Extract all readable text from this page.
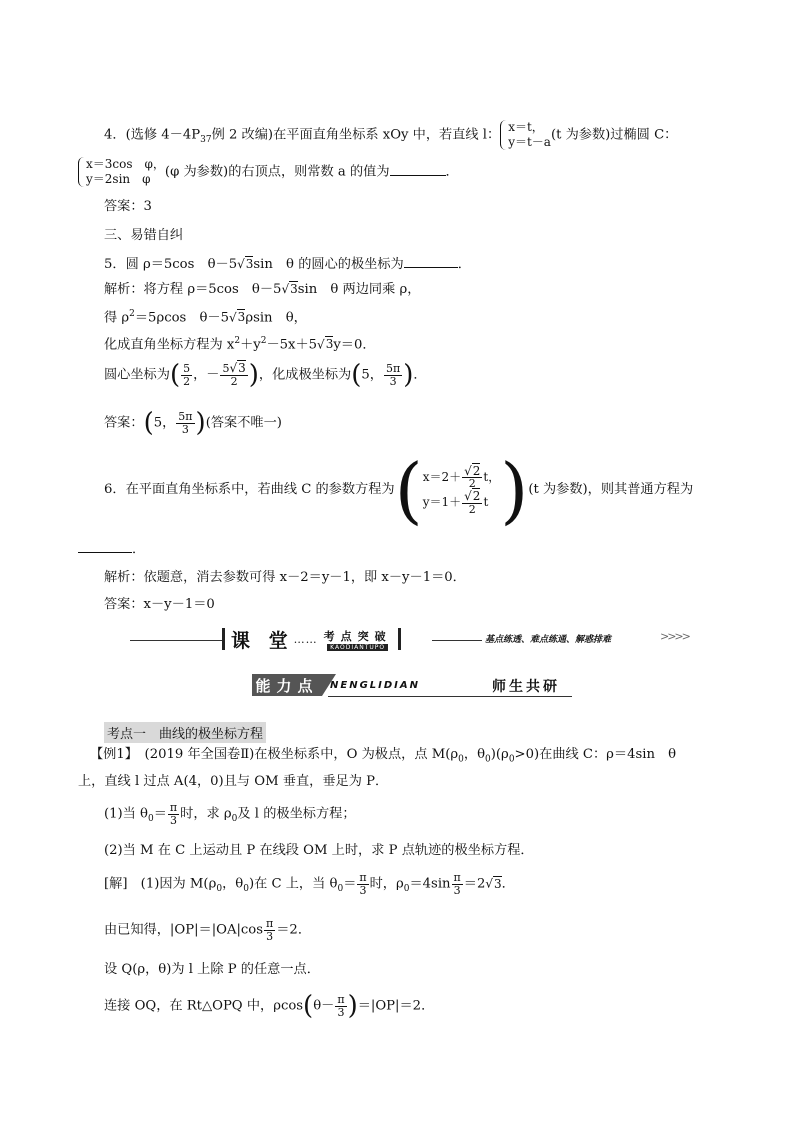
4．(选修 $4-4P_{37}$例 2 改编)在平面直角坐标系 xOy 中，若直线 l：
x＝t，
y＝t－a (t 为参数)过椭圆 C：
x＝3cos　φ，
y＝2sin　φ	(φ 为参数)的右顶点，则常数 a 的值为	．
答案：3
三、易错自纠
5．圆 ρ＝5cos　θ－5√3sin　θ 的圆心的极坐标为	．
解析：将方程 ρ＝5cos　θ－5√3sin　θ 两边同乘 ρ，
得 $\rho^2=5\rho\cos$　θ－5√3ρsin　θ，
化成直角坐标方程为 $x^2+y^2-5x+5√3y=0$．
圆心坐标为( $\frac{5}{2}$ ，－ $\frac{5√3}{2}$ )，化成极坐标为(5， $\frac{5\pi}{3}$ )．
答案：(5， $\frac{5\pi}{3}$ )(答案不唯一)
6．在平面直角坐标系中，若曲线 C 的参数方程为 ( $x=2+ \frac{√2}{2}$ t，
$y=1+ \frac{√2}{2}$ t ) (t 为参数)，则其普通方程为
．
解析：依题意，消去参数可得 x－2＝y－1，即 x－y－1＝0．
答案：x－y－1＝0
课 堂 …… 考点突破
KAODIANTUPO
基点练透、难点练通、解惑排难	>>>>
能力点	NENGLIDIAN	师生共研
考点一　曲线的极坐标方程
【例1】　(2019 年全国卷Ⅱ)在极坐标系中，O 为极点，点 $M(\rho_0$，$\theta_0)(\rho_0>0)$在曲线 C：ρ＝4sin　θ
上，直线 l 过点 A(4，0)且与 OM 垂直，垂足为 P．
(1)当 $\theta_0= \frac{\pi}{3}$ 时，求 $\rho_0$及 l 的极坐标方程；
(2)当 M 在 C 上运动且 P 在线段 OM 上时，求 P 点轨迹的极坐标方程．
[解]　(1)因为 $M(\rho_0$，$\theta_0$)在 C 上，当 $\theta_0= \frac{\pi}{3}$ 时，$\rho_0=4\sin \frac{\pi}{3} =2√3$．
由已知得，$|OP|=|OA|\cos \frac{\pi}{3} =2$．
设 Q(ρ，θ)为 l 上除 P 的任意一点．
连接 OQ，在 Rt△OPQ 中，$\rho\cos(\theta- \frac{\pi}{3} )=|OP|=2$．
